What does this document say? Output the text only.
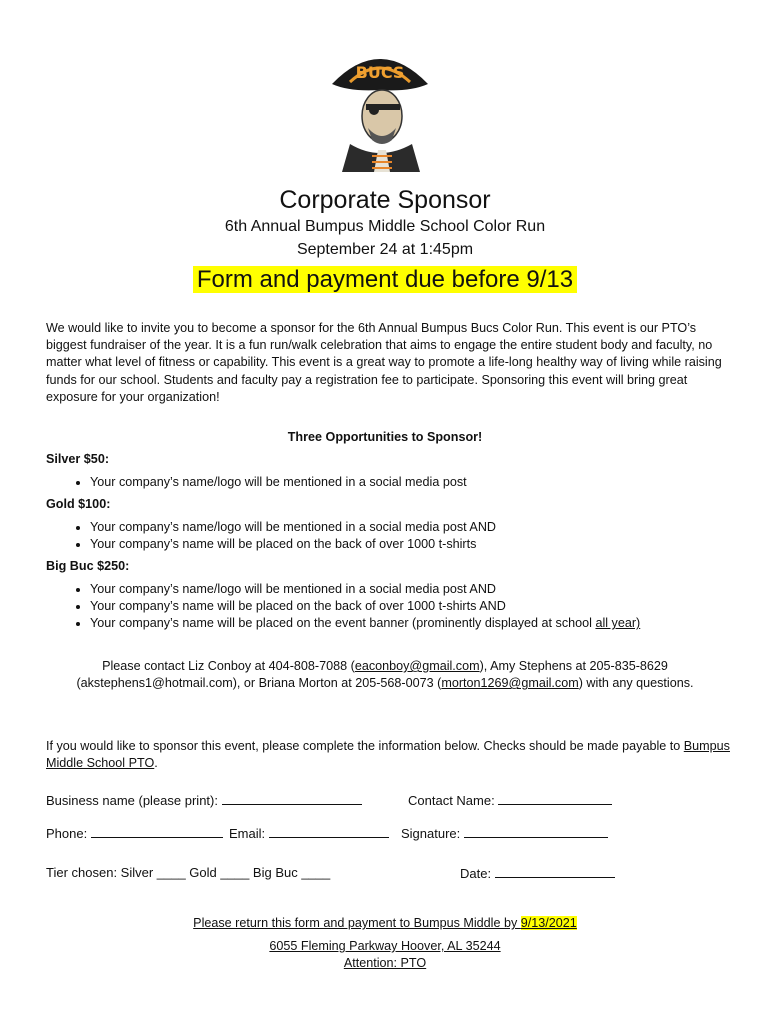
BUCS
Corporate Sponsor
6th Annual Bumpus Middle School Color Run
September 24 at 1:45pm
Form and payment due before 9/13
We would like to invite you to become a sponsor for the 6th Annual Bumpus Bucs Color Run. This event is our PTO’s biggest fundraiser of the year. It is a fun run/walk celebration that aims to engage the entire student body and faculty, no matter what level of fitness or capability. This event is a great way to promote a life-long healthy way of living while raising funds for our school. Students and faculty pay a registration fee to participate. Sponsoring this event will bring great exposure for your organization!
Three Opportunities to Sponsor!
Silver $50:
• Your company’s name/logo will be mentioned in a social media post
Gold $100:
• Your company’s name/logo will be mentioned in a social media post AND
• Your company’s name will be placed on the back of over 1000 t-shirts
Big Buc $250:
• Your company’s name/logo will be mentioned in a social media post AND
• Your company’s name will be placed on the back of over 1000 t-shirts AND
• Your company’s name will be placed on the event banner (prominently displayed at school all year)
Please contact Liz Conboy at 404-808-7088 (eaconboy@gmail.com), Amy Stephens at 205-835-8629 (akstephens1@hotmail.com), or Briana Morton at 205-568-0073 (morton1269@gmail.com) with any questions.
If you would like to sponsor this event, please complete the information below. Checks should be made payable to Bumpus Middle School PTO.
Business name (please print):	Contact Name:
Phone:	Email:	Signature:
Tier chosen: Silver ____ Gold ____ Big Buc ____	Date:
Please return this form and payment to Bumpus Middle by 9/13/2021
6055 Fleming Parkway Hoover, AL 35244
Attention: PTO
